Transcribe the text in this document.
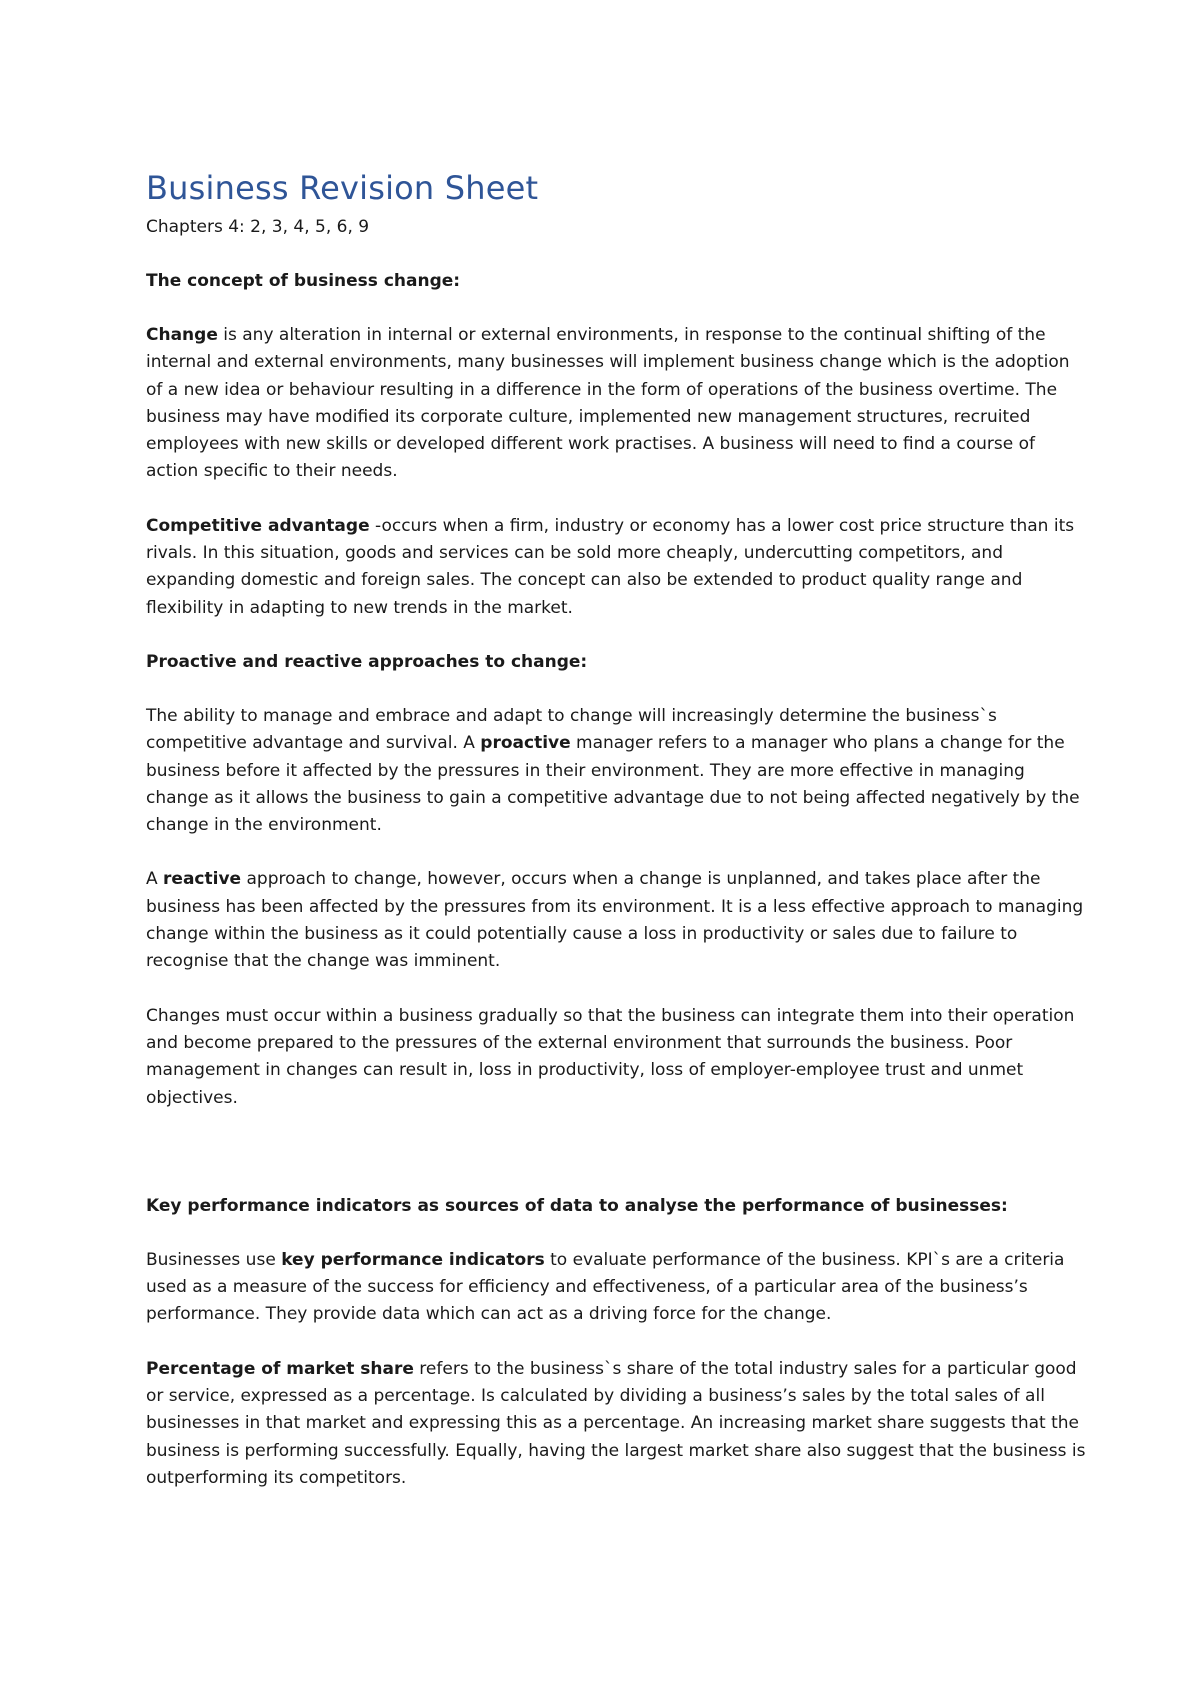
Business Revision Sheet
Chapters 4: 2, 3, 4, 5, 6, 9
The concept of business change:

Change is any alteration in internal or external environments, in response to the continual shifting of the internal and external environments, many businesses will implement business change which is the adoption of a new idea or behaviour resulting in a difference in the form of operations of the business overtime. The business may have modified its corporate culture, implemented new management structures, recruited employees with new skills or developed different work practises. A business will need to find a course of action specific to their needs.

Competitive advantage -occurs when a firm, industry or economy has a lower cost price structure than its rivals. In this situation, goods and services can be sold more cheaply, undercutting competitors, and expanding domestic and foreign sales. The concept can also be extended to product quality range and flexibility in adapting to new trends in the market.

Proactive and reactive approaches to change:

The ability to manage and embrace and adapt to change will increasingly determine the business`s competitive advantage and survival. A proactive manager refers to a manager who plans a change for the business before it affected by the pressures in their environment. They are more effective in managing change as it allows the business to gain a competitive advantage due to not being affected negatively by the change in the environment.

A reactive approach to change, however, occurs when a change is unplanned, and takes place after the business has been affected by the pressures from its environment. It is a less effective approach to managing change within the business as it could potentially cause a loss in productivity or sales due to failure to recognise that the change was imminent.

Changes must occur within a business gradually so that the business can integrate them into their operation and become prepared to the pressures of the external environment that surrounds the business. Poor management in changes can result in, loss in productivity, loss of employer-employee trust and unmet objectives.

Key performance indicators as sources of data to analyse the performance of businesses:

Businesses use key performance indicators to evaluate performance of the business. KPI`s are a criteria used as a measure of the success for efficiency and effectiveness, of a particular area of the business’s performance. They provide data which can act as a driving force for the change.

Percentage of market share refers to the business`s share of the total industry sales for a particular good or service, expressed as a percentage. Is calculated by dividing a business’s sales by the total sales of all businesses in that market and expressing this as a percentage. An increasing market share suggests that the business is performing successfully. Equally, having the largest market share also suggest that the business is outperforming its competitors.
